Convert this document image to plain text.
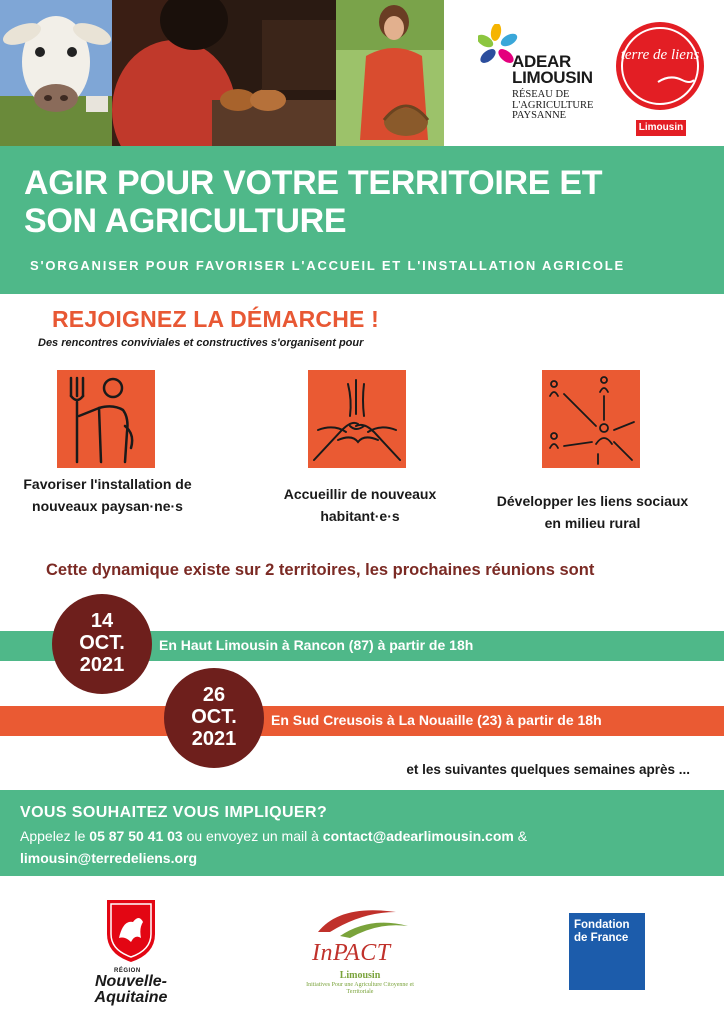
ADEAR LIMOUSIN
RÉSEAU DE L'AGRICULTURE PAYSANNE
terre de liens
Limousin
AGIR POUR VOTRE TERRITOIRE ET SON AGRICULTURE
S'ORGANISER POUR FAVORISER L'ACCUEIL ET L'INSTALLATION AGRICOLE
REJOIGNEZ LA DÉMARCHE !
Des rencontres conviviales et constructives s'organisent pour
Favoriser l'installation de nouveaux paysan·ne·s
Accueillir de nouveaux habitant·e·s
Développer les liens sociaux en milieu rural
Cette dynamique existe sur 2 territoires, les prochaines réunions sont
En Haut Limousin à Rancon (87) à partir de 18h
En Sud Creusois à La Nouaille (23) à partir de 18h
14
OCT.
2021
26
OCT.
2021
et les suivantes quelques semaines après ...
VOUS SOUHAITEZ VOUS IMPLIQUER?
Appelez le 05 87 50 41 03 ou envoyez un mail à contact@adearlimousin.com &
limousin@terredeliens.org
RÉGION
Nouvelle-Aquitaine
InPACT
Limousin
Initiatives Pour une Agriculture Citoyenne et Territoriale
Fondation de France
